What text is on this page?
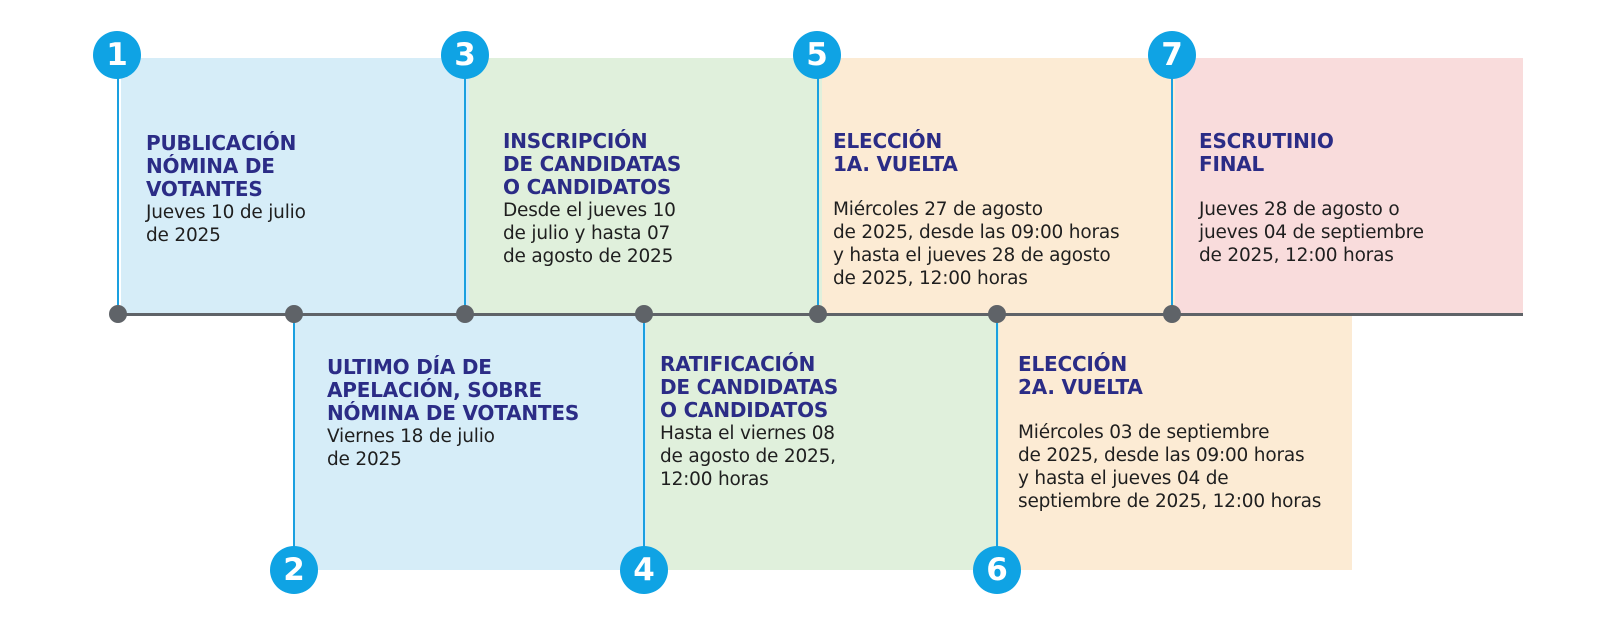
1	3	5	7
2	4	6
PUBLICACIÓN
NÓMINA DE
VOTANTES
Jueves 10 de julio
de 2025
ULTIMO DÍA DE
APELACIÓN, SOBRE
NÓMINA DE VOTANTES
Viernes 18 de julio
de 2025
INSCRIPCIÓN
DE CANDIDATAS
O CANDIDATOS
Desde el jueves 10
de julio y hasta 07
de agosto de 2025
RATIFICACIÓN
DE CANDIDATAS
O CANDIDATOS
Hasta el viernes 08
de agosto de 2025,
12:00 horas
ELECCIÓN
1A. VUELTA
Miércoles 27 de agosto
de 2025, desde las 09:00 horas
y hasta el jueves 28 de agosto
de 2025, 12:00 horas
ELECCIÓN
2A. VUELTA
Miércoles 03 de septiembre
de 2025, desde las 09:00 horas
y hasta el jueves 04 de
septiembre de 2025, 12:00 horas
ESCRUTINIO
FINAL
Jueves 28 de agosto o
jueves 04 de septiembre
de 2025, 12:00 horas
